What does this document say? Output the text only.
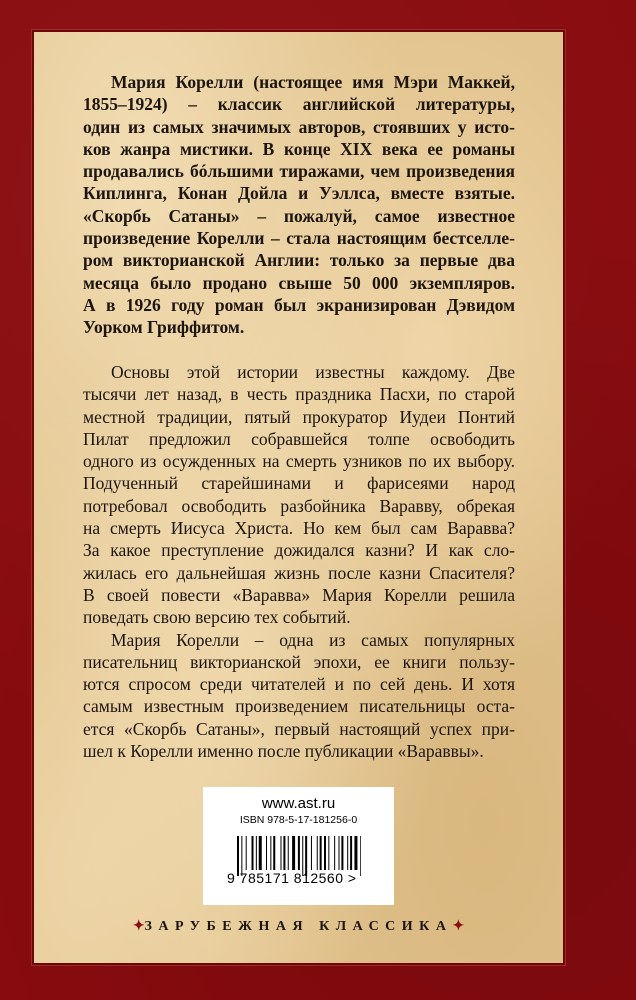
Мария Корелли (настоящее имя Мэри Маккей,
1855–1924) – классик английской литературы,
один из самых значимых авторов, стоявших у исто-
ков жанра мистики. В конце XIX века ее романы
продавались бóльшими тиражами, чем произведения
Киплинга, Конан Дойла и Уэллса, вместе взятые.
«Скорбь Сатаны» – пожалуй, самое известное
произведение Корелли – стала настоящим бестселле-
ром викторианской Англии: только за первые два
месяца было продано свыше 50 000 экземпляров.
А в 1926 году роман был экранизирован Дэвидом
Уорком Гриффитом.
Основы этой истории известны каждому. Две
тысячи лет назад, в честь праздника Пасхи, по старой
местной традиции, пятый прокуратор Иудеи Понтий
Пилат предложил собравшейся толпе освободить
одного из осужденных на смерть узников по их выбору.
Подученный старейшинами и фарисеями народ
потребовал освободить разбойника Варавву, обрекая
на смерть Иисуса Христа. Но кем был сам Варавва?
За какое преступление дожидался казни? И как сло-
жилась его дальнейшая жизнь после казни Спасителя?
В своей повести «Варавва» Мария Корелли решила
поведать свою версию тех событий.
Мария Корелли – одна из самых популярных
писательниц викторианской эпохи, ее книги пользу-
ются спросом среди читателей и по сей день. И хотя
самым известным произведением писательницы оста-
ется «Скорбь Сатаны», первый настоящий успех при-
шел к Корелли именно после публикации «Вараввы».
www.ast.ru
ISBN 978-5-17-181256-0
9 785171 812560 >
✦ЗАРУБЕЖНАЯ КЛАССИКА✦
